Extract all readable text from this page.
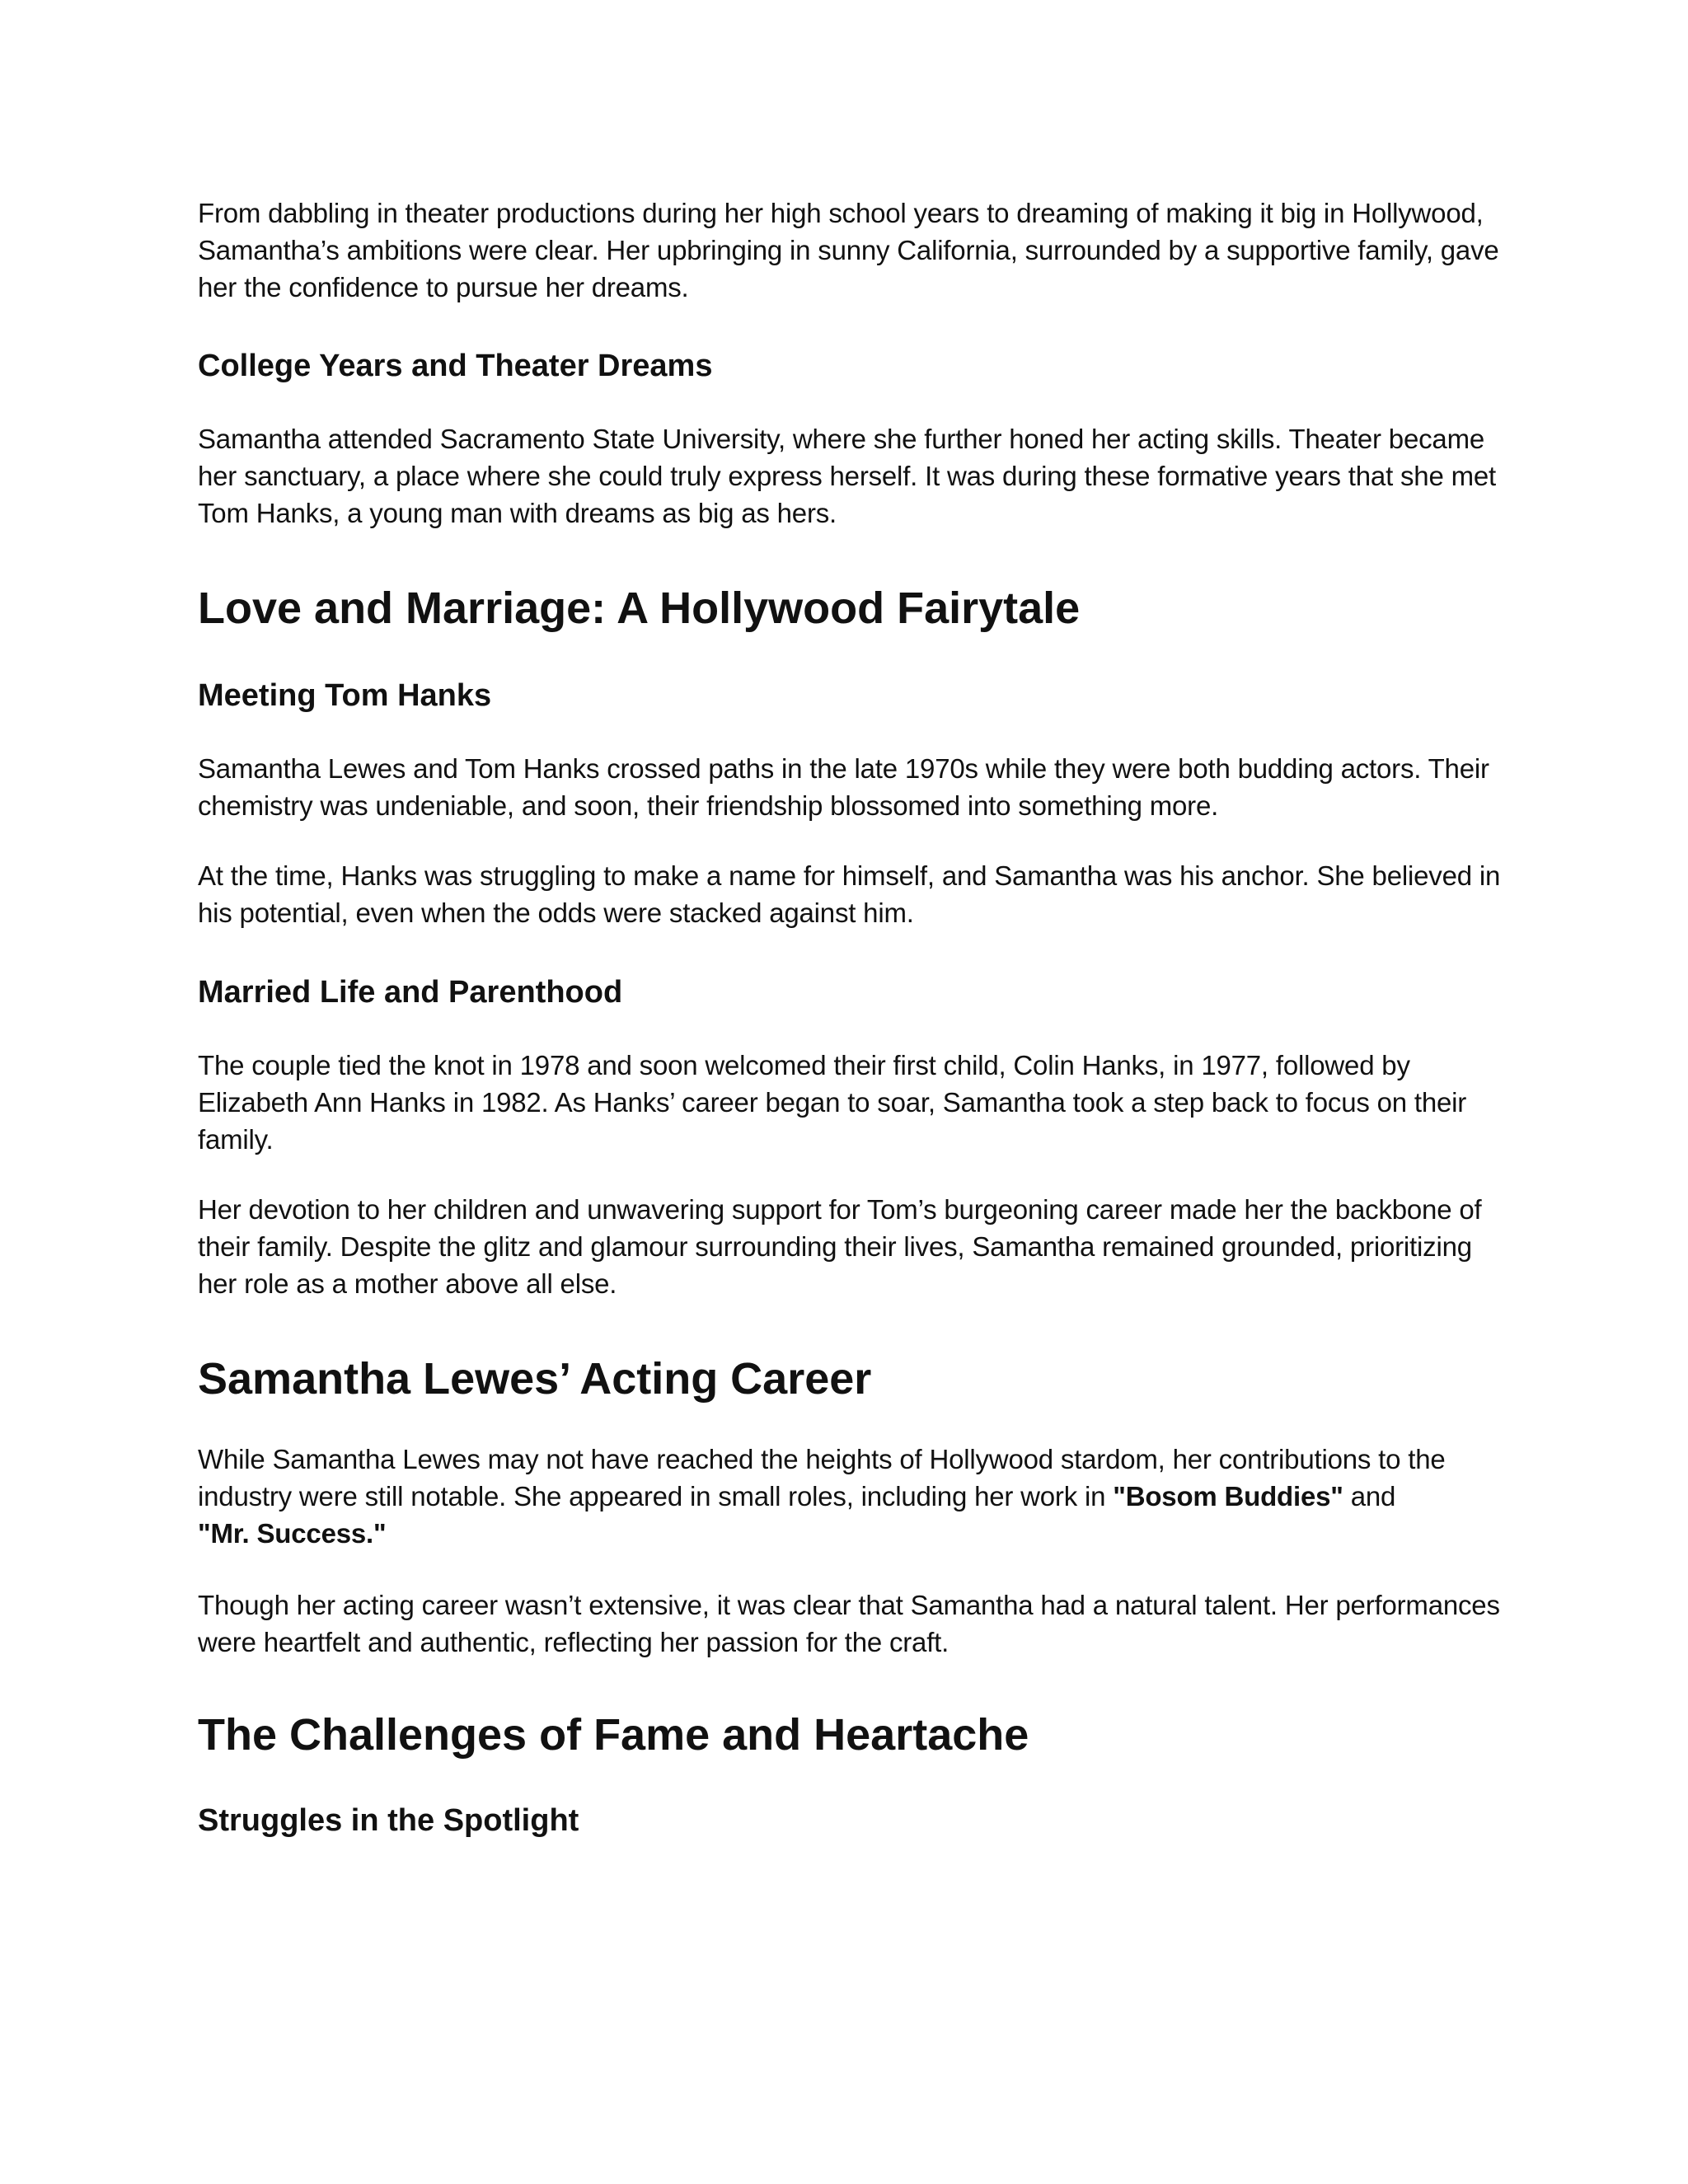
From dabbling in theater productions during her high school years to dreaming of making it big in Hollywood, Samantha’s ambitions were clear. Her upbringing in sunny California, surrounded by a supportive family, gave her the confidence to pursue her dreams.

College Years and Theater Dreams

Samantha attended Sacramento State University, where she further honed her acting skills. Theater became her sanctuary, a place where she could truly express herself. It was during these formative years that she met Tom Hanks, a young man with dreams as big as hers.

Love and Marriage: A Hollywood Fairytale
Meeting Tom Hanks

Samantha Lewes and Tom Hanks crossed paths in the late 1970s while they were both budding actors. Their chemistry was undeniable, and soon, their friendship blossomed into something more.

At the time, Hanks was struggling to make a name for himself, and Samantha was his anchor. She believed in his potential, even when the odds were stacked against him.

Married Life and Parenthood

The couple tied the knot in 1978 and soon welcomed their first child, Colin Hanks, in 1977, followed by Elizabeth Ann Hanks in 1982. As Hanks’ career began to soar, Samantha took a step back to focus on their family.

Her devotion to her children and unwavering support for Tom’s burgeoning career made her the backbone of their family. Despite the glitz and glamour surrounding their lives, Samantha remained grounded, prioritizing her role as a mother above all else.

Samantha Lewes’ Acting Career

While Samantha Lewes may not have reached the heights of Hollywood stardom, her contributions to the industry were still notable. She appeared in small roles, including her work in "Bosom Buddies" and
"Mr. Success."

Though her acting career wasn’t extensive, it was clear that Samantha had a natural talent. Her performances were heartfelt and authentic, reflecting her passion for the craft.

The Challenges of Fame and Heartache
Struggles in the Spotlight
